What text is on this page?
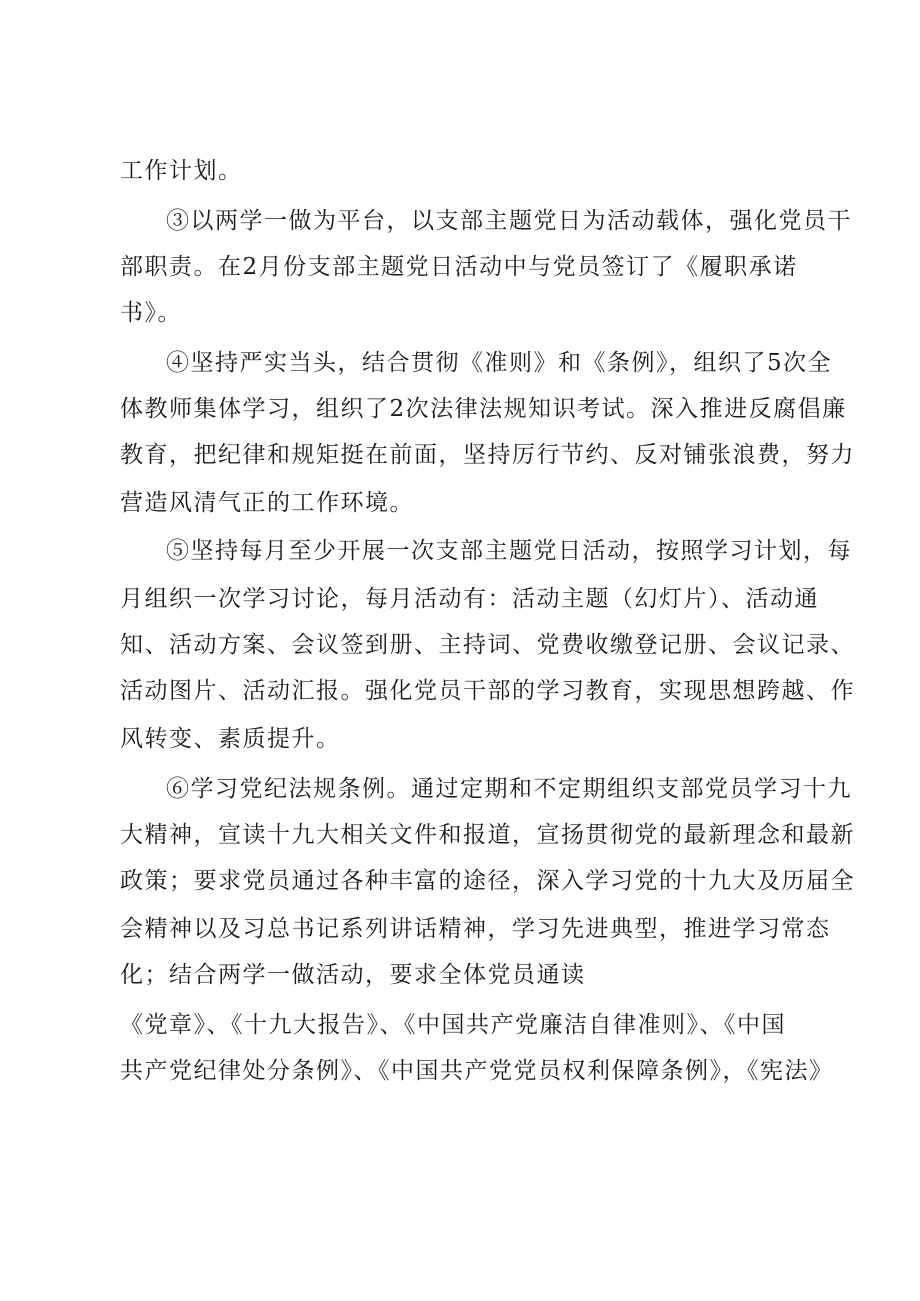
工作计划。
③以两学一做为平台，以支部主题党日为活动载体，强化党员干
部职责。在2月份支部主题党日活动中与党员签订了《履职承诺
书》。
④坚持严实当头，结合贯彻《准则》和《条例》，组织了5次全
体教师集体学习，组织了2次法律法规知识考试。深入推进反腐倡廉
教育，把纪律和规矩挺在前面，坚持厉行节约、反对铺张浪费，努力
营造风清气正的工作环境。
⑤坚持每月至少开展一次支部主题党日活动，按照学习计划，每
月组织一次学习讨论，每月活动有：活动主题（幻灯片）、活动通
知、活动方案、会议签到册、主持词、党费收缴登记册、会议记录、
活动图片、活动汇报。强化党员干部的学习教育，实现思想跨越、作
风转变、素质提升。
⑥学习党纪法规条例。通过定期和不定期组织支部党员学习十九
大精神，宣读十九大相关文件和报道，宣扬贯彻党的最新理念和最新
政策；要求党员通过各种丰富的途径，深入学习党的十九大及历届全
会精神以及习总书记系列讲话精神，学习先进典型，推进学习常态
化；结合两学一做活动，要求全体党员通读
《党章》、《十九大报告》、《中国共产党廉洁自律准则》、《中国
共产党纪律处分条例》、《中国共产党党员权利保障条例》，《宪法》
